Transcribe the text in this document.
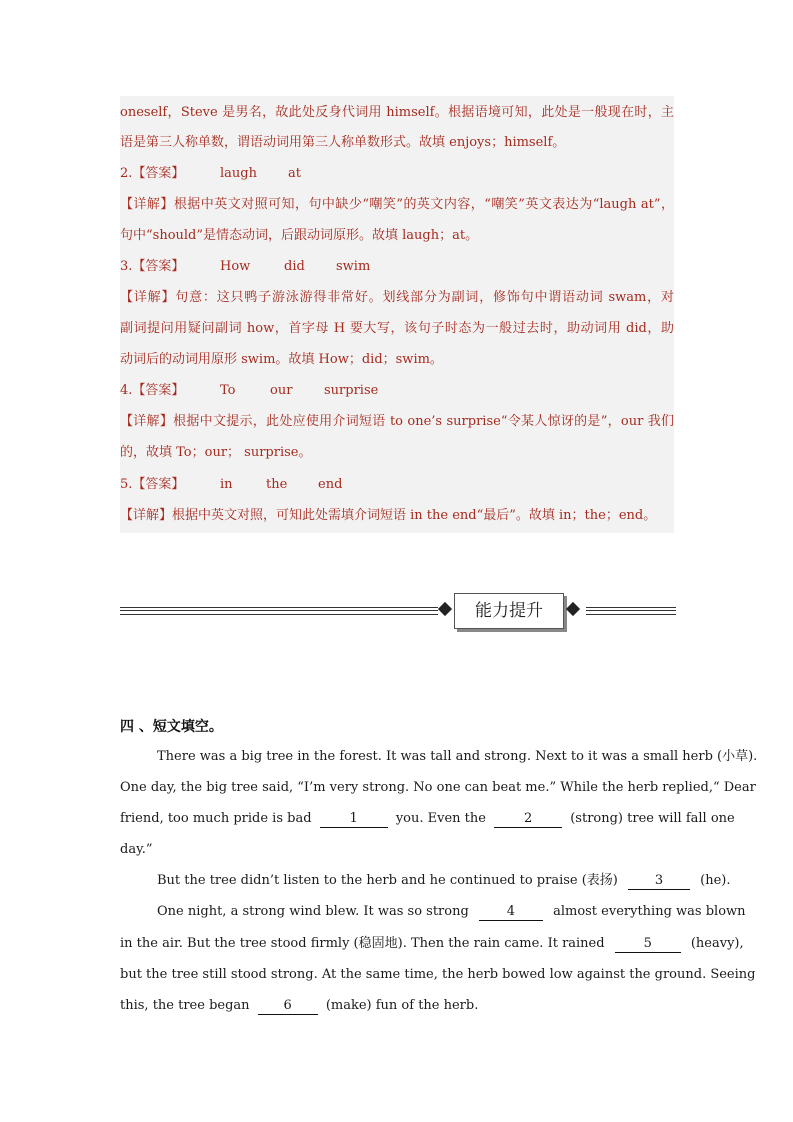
oneself，Steve 是男名，故此处反身代词用 himself。根据语境可知，此处是一般现在时，主
语是第三人称单数，谓语动词用第三人称单数形式。故填 enjoys；himself。
2.【答案】	laugh at
【详解】根据中英文对照可知，句中缺少“嘲笑”的英文内容，“嘲笑”英文表达为“laugh at”，
句中“should”是情态动词，后跟动词原形。故填 laugh；at。
3.【答案】	How	did swim
【详解】句意：这只鸭子游泳游得非常好。划线部分为副词，修饰句中谓语动词 swam，对
副词提问用疑问副词 how，首字母 H 要大写，该句子时态为一般过去时，助动词用 did，助
动词后的动词用原形 swim。故填 How；did；swim。
4.【答案】	To	our surprise
【详解】根据中文提示，此处应使用介词短语 to one’s surprise“令某人惊讶的是”，our 我们
的，故填 To；our； surprise。
5.【答案】	in	the end
【详解】根据中英文对照，可知此处需填介词短语 in the end“最后”。故填 in；the；end。
能力提升
四 、短文填空。
There was a big tree in the forest. It was tall and strong. Next to it was a small herb (小草).
One day, the big tree said, “I’m very strong. No one can beat me.” While the herb replied,“ Dear
friend, too much pride is bad	1	you. Even the	2	(strong) tree will fall one
day.”
But the tree didn’t listen to the herb and he continued to praise (表扬)	3	(he).
One night, a strong wind blew. It was so strong	4	almost everything was blown
in the air. But the tree stood firmly (稳固地). Then the rain came. It rained	5	(heavy),
but the tree still stood strong. At the same time, the herb bowed low against the ground. Seeing
this, the tree began	6	(make) fun of the herb.
